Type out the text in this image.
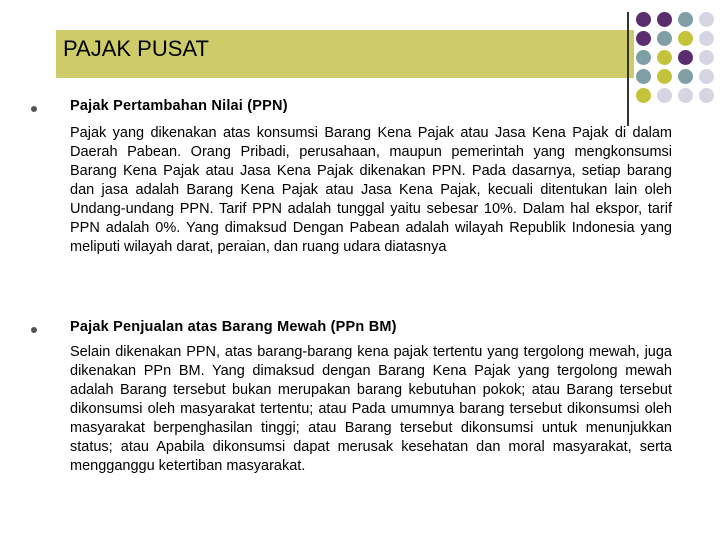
PAJAK PUSAT
Pajak Pertambahan Nilai (PPN)
Pajak yang dikenakan atas konsumsi Barang Kena Pajak atau Jasa Kena Pajak di dalam Daerah Pabean. Orang Pribadi, perusahaan, maupun pemerintah yang mengkonsumsi Barang Kena Pajak atau Jasa Kena Pajak dikenakan PPN. Pada dasarnya, setiap barang dan jasa adalah Barang Kena Pajak atau Jasa Kena Pajak, kecuali ditentukan lain oleh Undang-undang PPN. Tarif PPN adalah tunggal yaitu sebesar 10%. Dalam hal ekspor, tarif PPN adalah 0%. Yang dimaksud Dengan Pabean adalah wilayah Republik Indonesia yang meliputi wilayah darat, peraian, dan ruang udara diatasnya
Pajak Penjualan atas Barang Mewah (PPn BM)
Selain dikenakan PPN, atas barang-barang kena pajak tertentu yang tergolong mewah, juga dikenakan PPn BM. Yang dimaksud dengan Barang Kena Pajak yang tergolong mewah adalah Barang tersebut bukan merupakan barang kebutuhan pokok; atau Barang tersebut dikonsumsi oleh masyarakat tertentu; atau Pada umumnya barang tersebut dikonsumsi oleh masyarakat berpenghasilan tinggi; atau Barang tersebut dikonsumsi untuk menunjukkan status; atau Apabila dikonsumsi dapat merusak kesehatan dan moral masyarakat, serta mengganggu ketertiban masyarakat.
